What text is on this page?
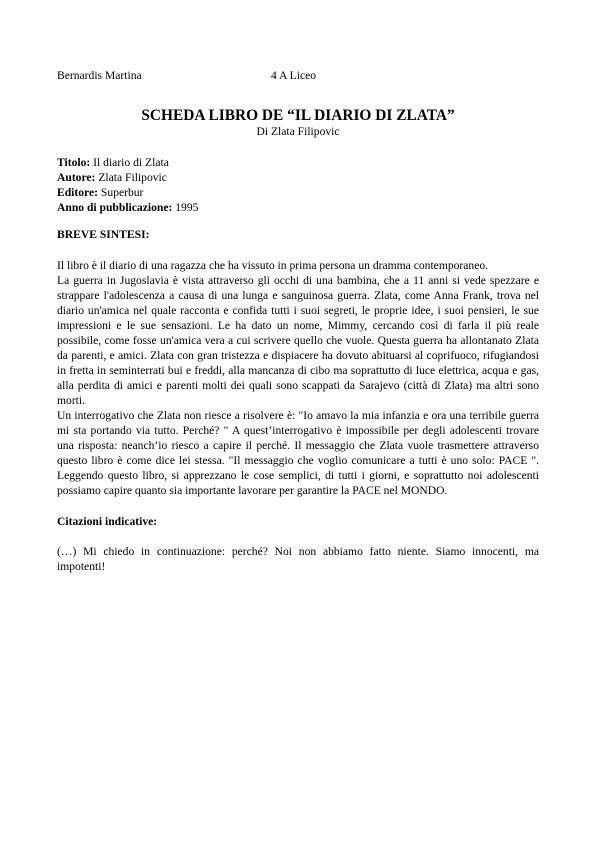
Bernardis Martina	4 A Liceo
SCHEDA LIBRO DE “IL DIARIO DI ZLATA”
Di Zlata Filipovic
Titolo: Il diario di Zlata
Autore: Zlata Filipovic
Editore: Superbur
Anno di pubblicazione: 1995
BREVE SINTESI:

Il libro è il diario di una ragazza che ha vissuto in prima persona un dramma contemporaneo.

La guerra in Jugoslavia è vista attraverso gli occhi di una bambina, che a 11 anni si vede spezzare e strappare l'adolescenza a causa di una lunga e sanguinosa guerra. Zlata, come Anna Frank, trova nel diario un'amica nel quale racconta e confida tutti i suoi segreti, le proprie idee, i suoi pensieri, le sue impressioni e le sue sensazioni. Le ha dato un nome, Mimmy, cercando così di farla il più reale possibile, come fosse un'amica vera a cui scrivere quello che vuole. Questa guerra ha allontanato Zlata da parenti, e amici. Zlata con gran tristezza e dispiacere ha dovuto abituarsi al coprifuoco, rifugiandosi in fretta in seminterrati bui e freddi, alla mancanza di cibo ma soprattutto di luce elettrica, acqua e gas, alla perdita di amici e parenti molti dei quali sono scappati da Sarajevo (città di Zlata) ma altri sono morti.

Un interrogativo che Zlata non riesce a risolvere è: "Io amavo la mia infanzia e ora una terribile guerra mi sta portando via tutto. Perché? " A quest’interrogativo è impossibile per degli adolescenti trovare una risposta: neanch’io riesco a capire il perché. Il messaggio che Zlata vuole trasmettere attraverso questo libro è come dice lei stessa. "Il messaggio che voglio comunicare a tutti è uno solo: PACE ". Leggendo questo libro, si apprezzano le cose semplici, di tutti i giorni, e soprattutto noi adolescenti possiamo capire quanto sia importante lavorare per garantire la PACE nel MONDO.

Citazioni indicative:
(…) Mi chiedo in continuazione: perché? Noi non abbiamo fatto niente. Siamo innocenti, ma impotenti!
